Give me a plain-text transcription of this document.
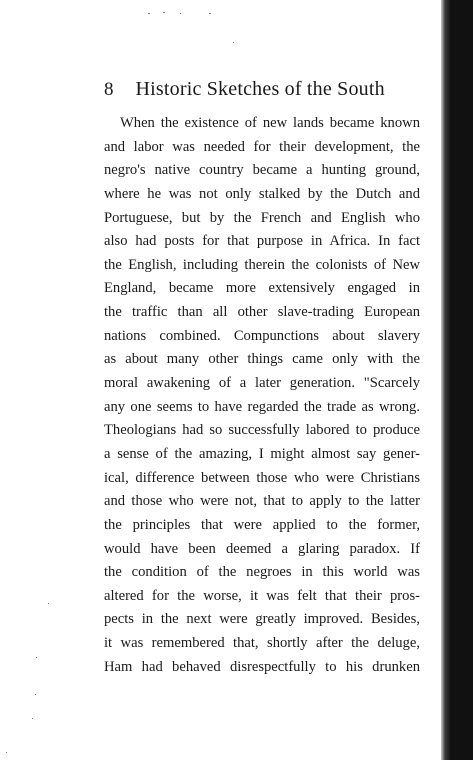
8 Historic Sketches of the South
When the existence of new lands became known
and labor was needed for their development, the
negro's native country became a hunting ground,
where he was not only stalked by the Dutch and
Portuguese, but by the French and English who
also had posts for that purpose in Africa. In fact
the English, including therein the colonists of New
England, became more extensively engaged in
the traffic than all other slave-trading European
nations combined. Compunctions about slavery
as about many other things came only with the
moral awakening of a later generation. "Scarcely
any one seems to have regarded the trade as wrong.
Theologians had so successfully labored to produce
a sense of the amazing, I might almost say gener-
ical, difference between those who were Christians
and those who were not, that to apply to the latter
the principles that were applied to the former,
would have been deemed a glaring paradox. If
the condition of the negroes in this world was
altered for the worse, it was felt that their pros-
pects in the next were greatly improved. Besides,
it was remembered that, shortly after the deluge,
Ham had behaved disrespectfully to his drunken
